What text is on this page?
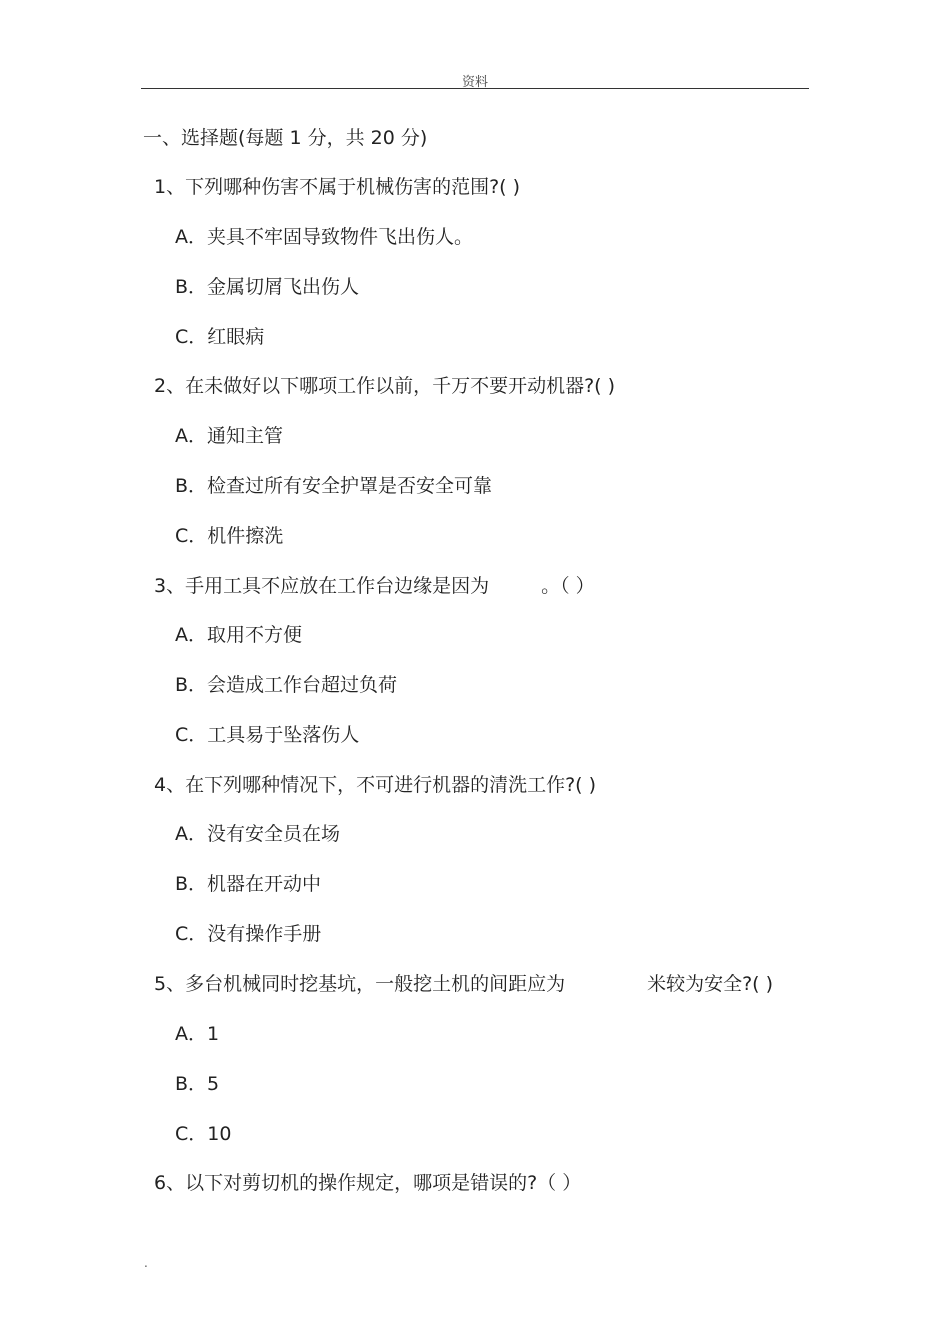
资料
一、选择题(每题 1 分，共 20 分)
1、下列哪种伤害不属于机械伤害的范围?( )
A．夹具不牢固导致物件飞出伤人。
B．金属切屑飞出伤人
C．红眼病
2、在未做好以下哪项工作以前，千万不要开动机器?( )
A．通知主管
B．检查过所有安全护罩是否安全可靠
C．机件擦洗
3、手用工具不应放在工作台边缘是因为	。（ ）
A．取用不方便
B．会造成工作台超过负荷
C．工具易于坠落伤人
4、在下列哪种情况下，不可进行机器的清洗工作?( )
A．没有安全员在场
B．机器在开动中
C．没有操作手册
5、多台机械同时挖基坑，一般挖土机的间距应为	米较为安全?( )
A．1
B．5
C．10
6、以下对剪切机的操作规定，哪项是错误的?（ ）
.
